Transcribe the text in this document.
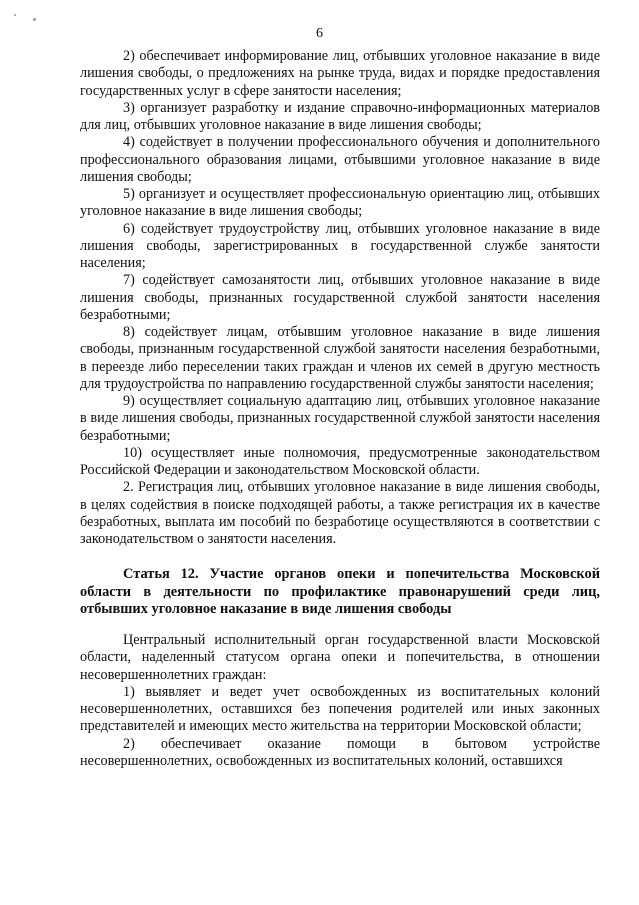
6

2) обеспечивает информирование лиц, отбывших уголовное наказание в виде лишения свободы, о предложениях на рынке труда, видах и порядке предоставления государственных услуг в сфере занятости населения;

3) организует разработку и издание справочно-информационных материалов для лиц, отбывших уголовное наказание в виде лишения свободы;

4) содействует в получении профессионального обучения и дополнительного профессионального образования лицами, отбывшими уголовное наказание в виде лишения свободы;

5) организует и осуществляет профессиональную ориентацию лиц, отбывших уголовное наказание в виде лишения свободы;

6) содействует трудоустройству лиц, отбывших уголовное наказание в виде лишения свободы, зарегистрированных в государственной службе занятости населения;

7) содействует самозанятости лиц, отбывших уголовное наказание в виде лишения свободы, признанных государственной службой занятости населения безработными;

8) содействует лицам, отбывшим уголовное наказание в виде лишения свободы, признанным государственной службой занятости населения безработными, в переезде либо переселении таких граждан и членов их семей в другую местность для трудоустройства по направлению государственной службы занятости населения;

9) осуществляет социальную адаптацию лиц, отбывших уголовное наказание в виде лишения свободы, признанных государственной службой занятости населения безработными;

10) осуществляет иные полномочия, предусмотренные законодательством Российской Федерации и законодательством Московской области.

2. Регистрация лиц, отбывших уголовное наказание в виде лишения свободы, в целях содействия в поиске подходящей работы, а также регистрация их в качестве безработных, выплата им пособий по безработице осуществляются в соответствии с законодательством о занятости населения.

Статья 12. Участие органов опеки и попечительства Московской области в деятельности по профилактике правонарушений среди лиц, отбывших уголовное наказание в виде лишения свободы

Центральный исполнительный орган государственной власти Московской области, наделенный статусом органа опеки и попечительства, в отношении несовершеннолетних граждан:

1) выявляет и ведет учет освобожденных из воспитательных колоний несовершеннолетних, оставшихся без попечения родителей или иных законных представителей и имеющих место жительства на территории Московской области;

2) обеспечивает оказание помощи в бытовом устройстве несовершеннолетних, освобожденных из воспитательных колоний, оставшихся
